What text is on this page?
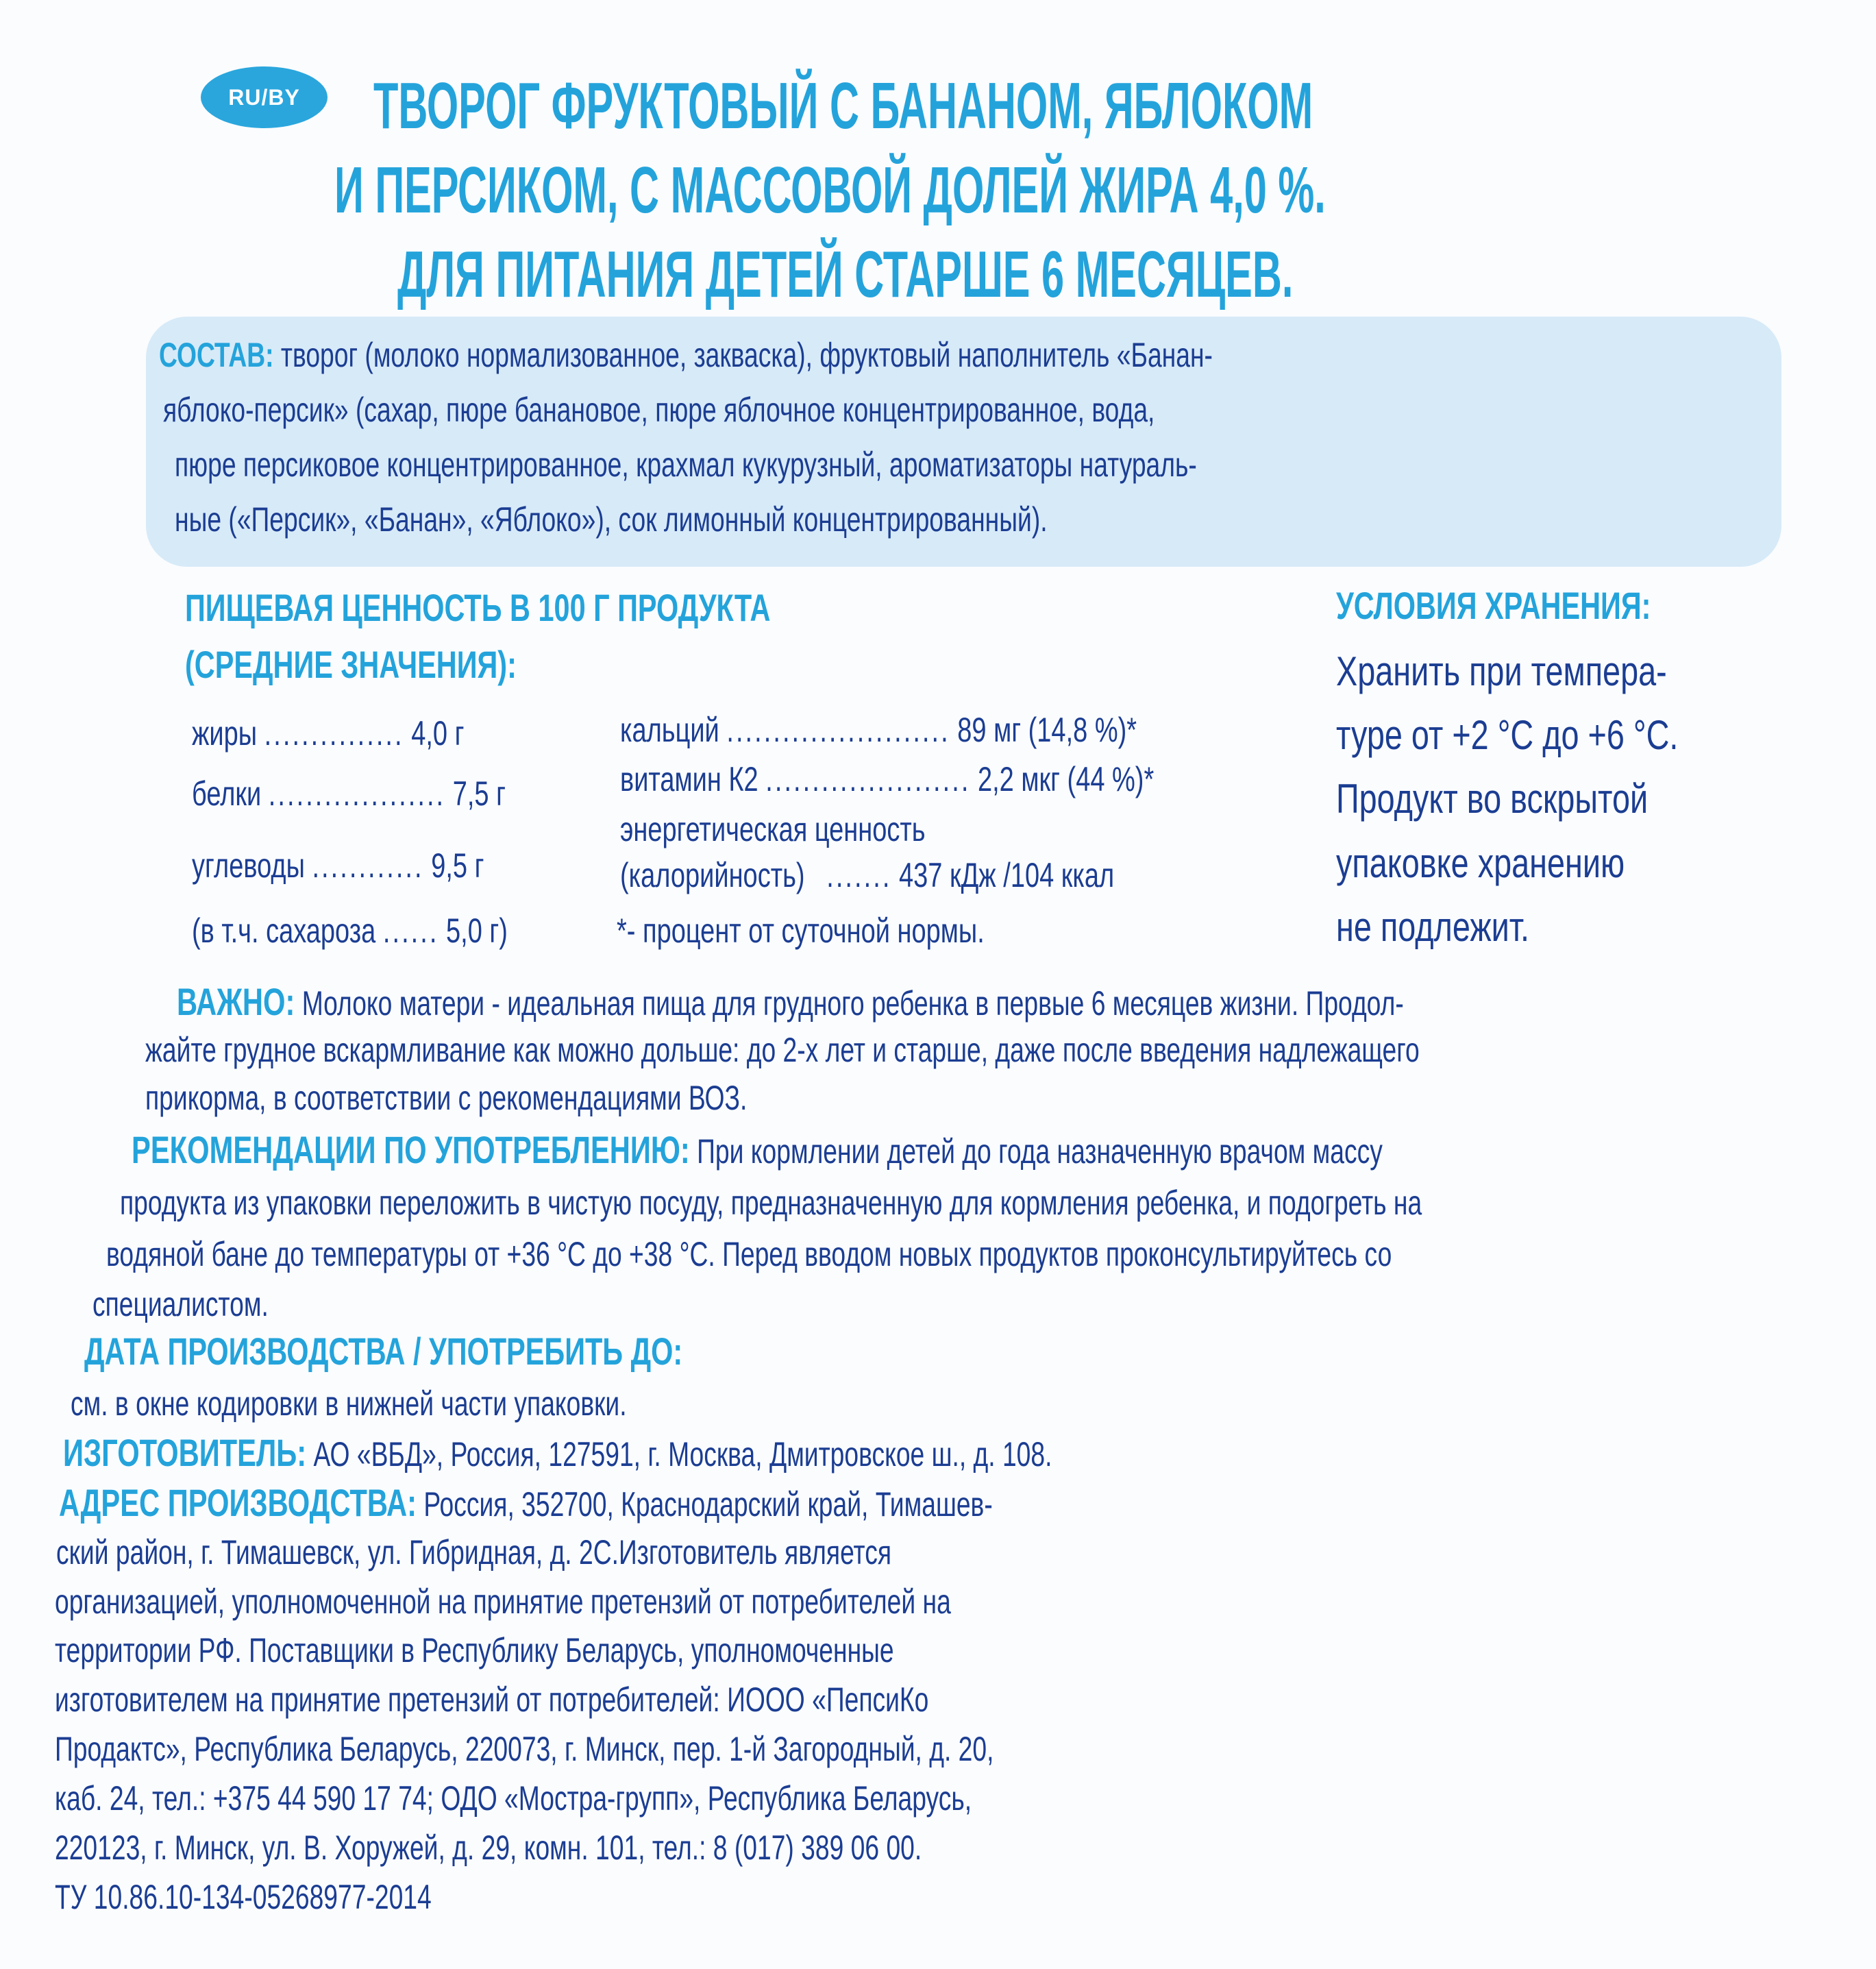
RU/BY ТВОРОГ ФРУКТОВЫЙ С БАНАНОМ, ЯБЛОКОМ
И ПЕРСИКОМ, С МАССОВОЙ ДОЛЕЙ ЖИРА 4,0 %.
ДЛЯ ПИТАНИЯ ДЕТЕЙ СТАРШЕ 6 МЕСЯЦЕВ.
СОСТАВ: творог (молоко нормализованное, закваска), фруктовый наполнитель «Банан-
яблоко-персик» (сахар, пюре банановое, пюре яблочное концентрированное, вода,
пюре персиковое концентрированное, крахмал кукурузный, ароматизаторы натураль-
ные («Персик», «Банан», «Яблоко»), сок лимонный концентрированный).
ПИЩЕВАЯ ЦЕННОСТЬ В 100 Г ПРОДУКТА
(СРЕДНИЕ ЗНАЧЕНИЯ):
жиры ............... 4,0 г
белки ................... 7,5 г
углеводы ............ 9,5 г
(в т.ч. сахароза ...... 5,0 г)
кальций ........................ 89 мг (14,8 %)*
витамин К2 ...................... 2,2 мкг (44 %)*
энергетическая ценность
(калорийность) ....... 437 кДж /104 ккал
*- процент от суточной нормы.
УСЛОВИЯ ХРАНЕНИЯ:
Хранить при темпера-
туре от +2 °С до +6 °С.
Продукт во вскрытой
упаковке хранению
не подлежит.
ВАЖНО: Молоко матери - идеальная пища для грудного ребенка в первые 6 месяцев жизни. Продол-
жайте грудное вскармливание как можно дольше: до 2-х лет и старше, даже после введения надлежащего
прикорма, в соответствии с рекомендациями ВОЗ.
РЕКОМЕНДАЦИИ ПО УПОТРЕБЛЕНИЮ: При кормлении детей до года назначенную врачом массу
продукта из упаковки переложить в чистую посуду, предназначенную для кормления ребенка, и подогреть на
водяной бане до температуры от +36 °С до +38 °С. Перед вводом новых продуктов проконсультируйтесь со
специалистом.
ДАТА ПРОИЗВОДСТВА / УПОТРЕБИТЬ ДО:
см. в окне кодировки в нижней части упаковки.
ИЗГОТОВИТЕЛЬ: АО «ВБД», Россия, 127591, г. Москва, Дмитровское ш., д. 108.
АДРЕС ПРОИЗВОДСТВА: Россия, 352700, Краснодарский край, Тимашев-
ский район, г. Тимашевск, ул. Гибридная, д. 2С.Изготовитель является
организацией, уполномоченной на принятие претензий от потребителей на
территории РФ. Поставщики в Республику Беларусь, уполномоченные
изготовителем на принятие претензий от потребителей: ИООО «ПепсиКо
Продактс», Республика Беларусь, 220073, г. Минск, пер. 1-й Загородный, д. 20,
каб. 24, тел.: +375 44 590 17 74; ОДО «Мостра-групп», Республика Беларусь,
220123, г. Минск, ул. В. Хоружей, д. 29, комн. 101, тел.: 8 (017) 389 06 00.
ТУ 10.86.10-134-05268977-2014
